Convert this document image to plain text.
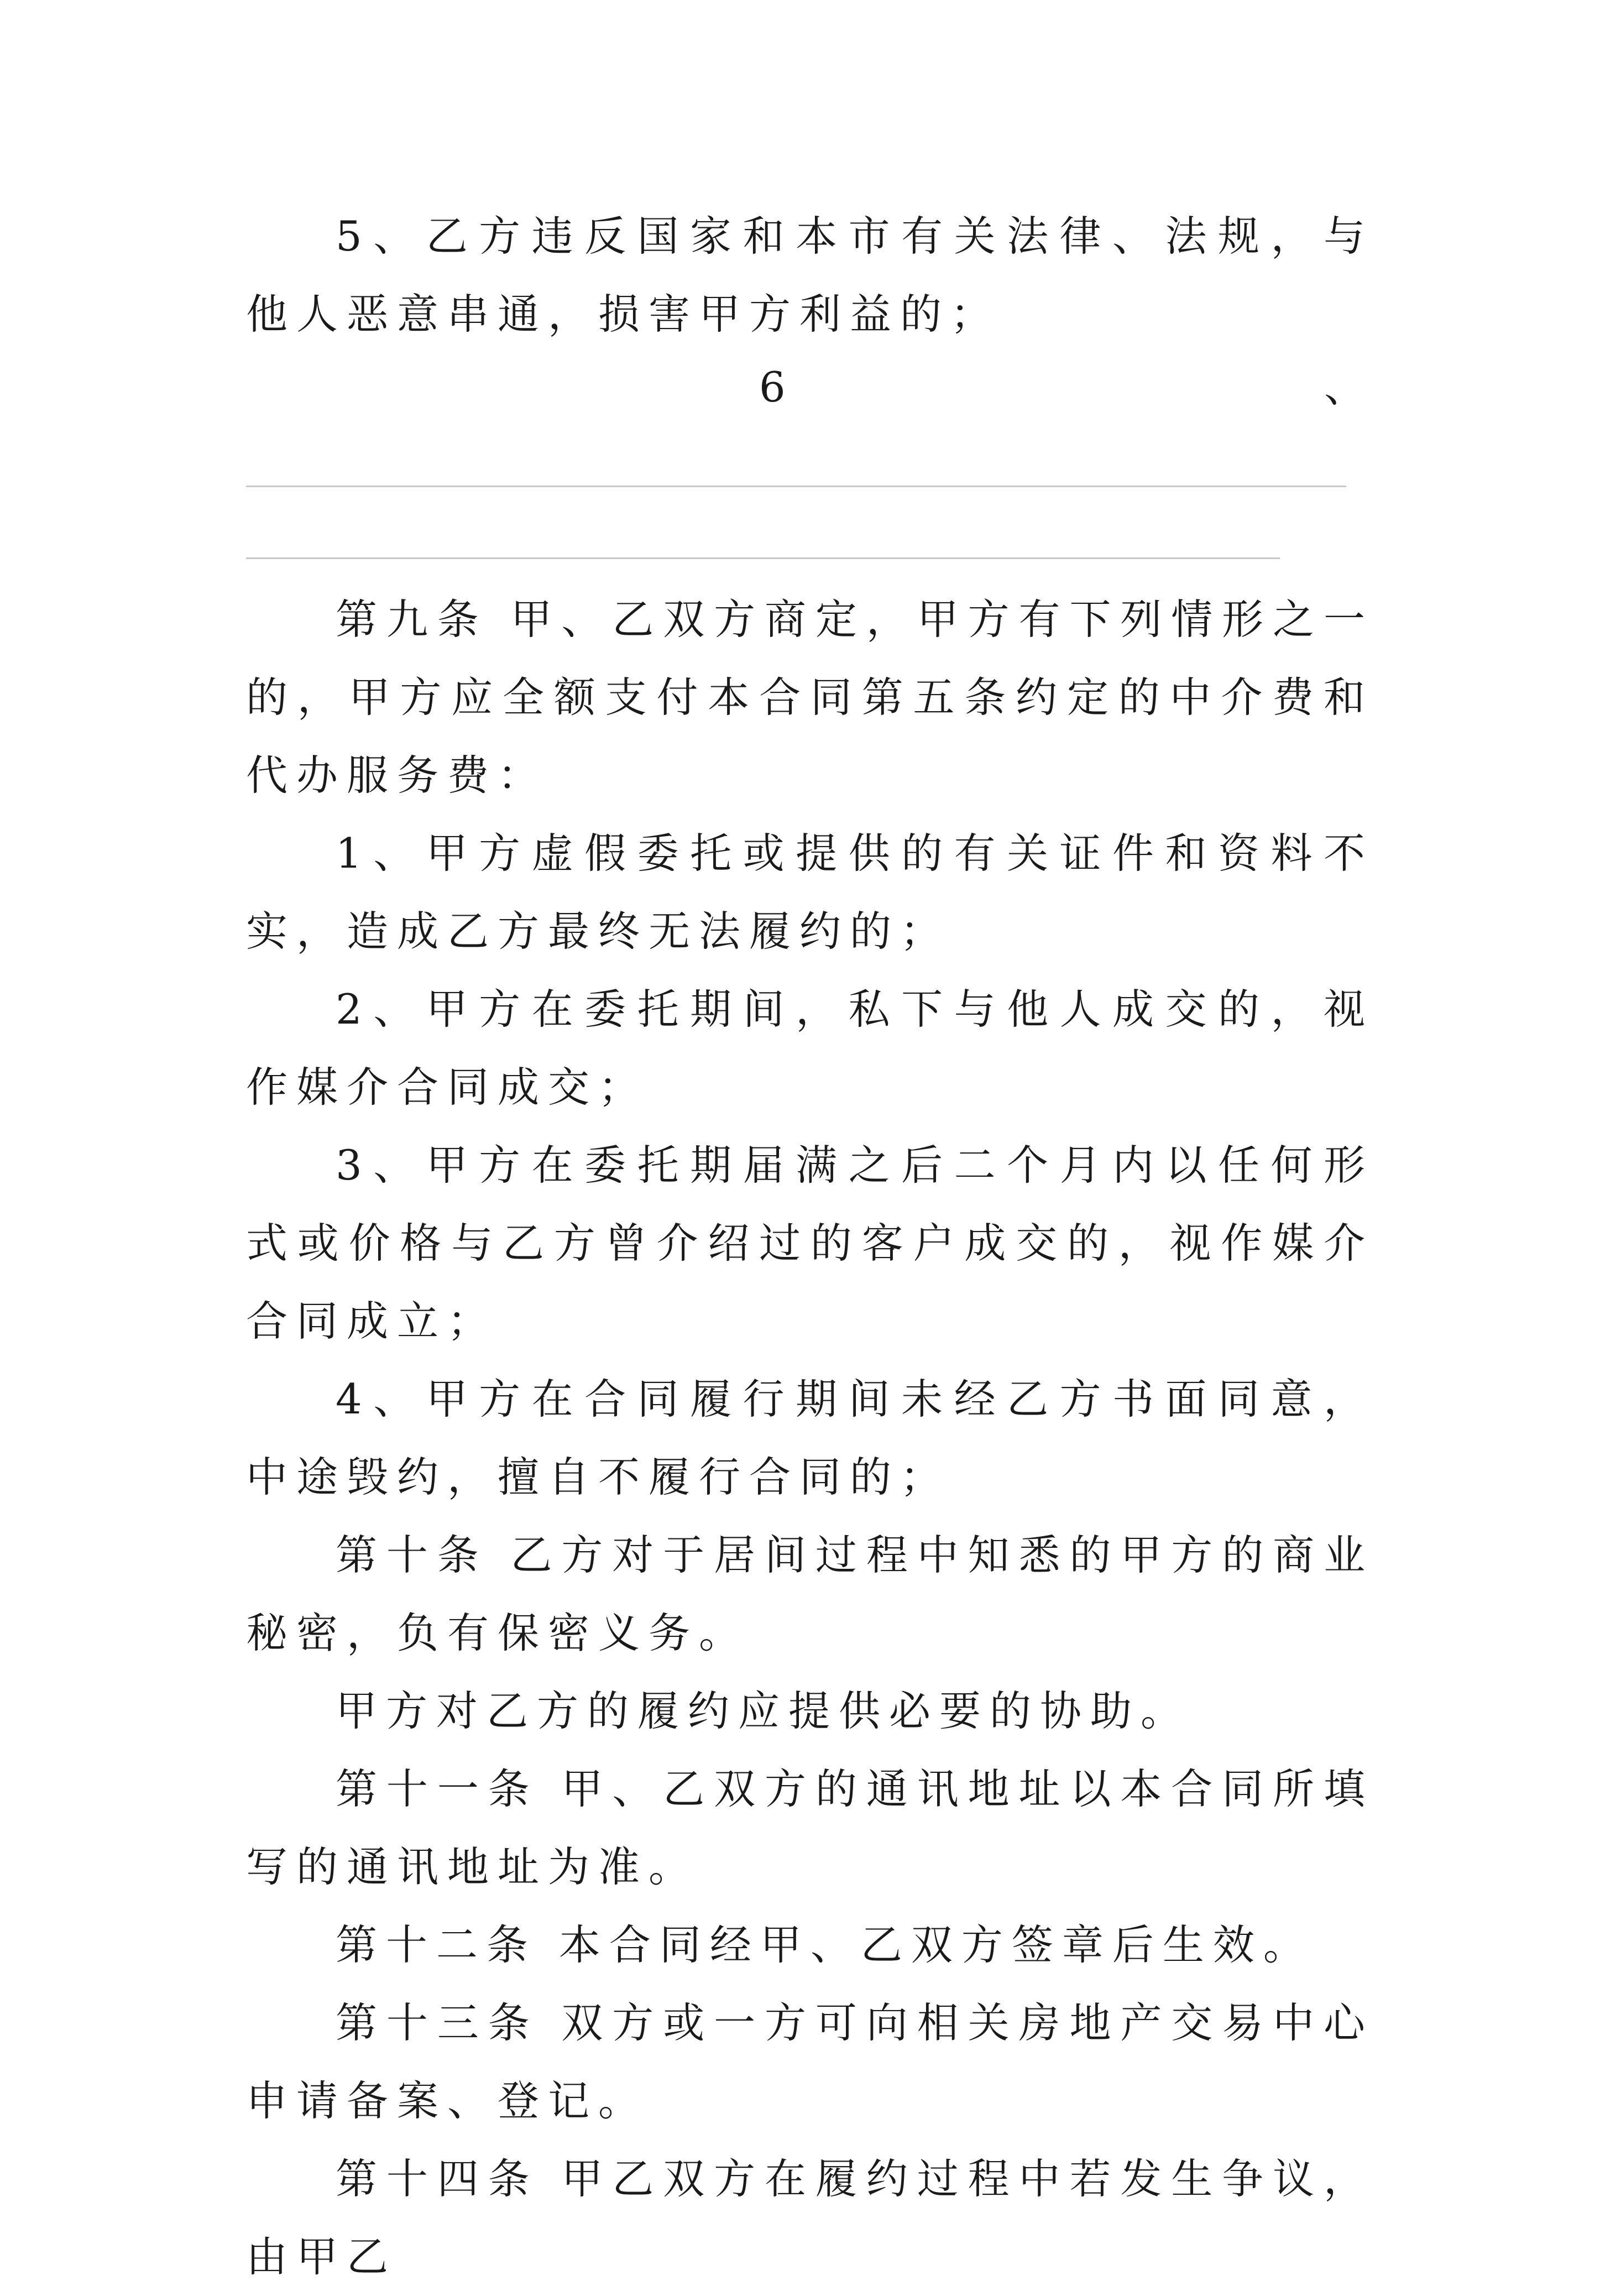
5、乙方违反国家和本市有关法律、法规，与他人恶意串通，损害甲方利益的；

6	、

第九条 甲、乙双方商定，甲方有下列情形之一的，甲方应全额支付本合同第五条约定的中介费和代办服务费：

1、甲方虚假委托或提供的有关证件和资料不实，造成乙方最终无法履约的；

2、甲方在委托期间，私下与他人成交的，视作媒介合同成交；

3、甲方在委托期届满之后二个月内以任何形式或价格与乙方曾介绍过的客户成交的，视作媒介合同成立；

4、甲方在合同履行期间未经乙方书面同意，中途毁约，擅自不履行合同的；

第十条 乙方对于居间过程中知悉的甲方的商业秘密，负有保密义务。

甲方对乙方的履约应提供必要的协助。

第十一条 甲、乙双方的通讯地址以本合同所填写的通讯地址为准。

第十二条 本合同经甲、乙双方签章后生效。

第十三条 双方或一方可向相关房地产交易中心申请备案、登记。

第十四条 甲乙双方在履约过程中若发生争议，由甲乙
